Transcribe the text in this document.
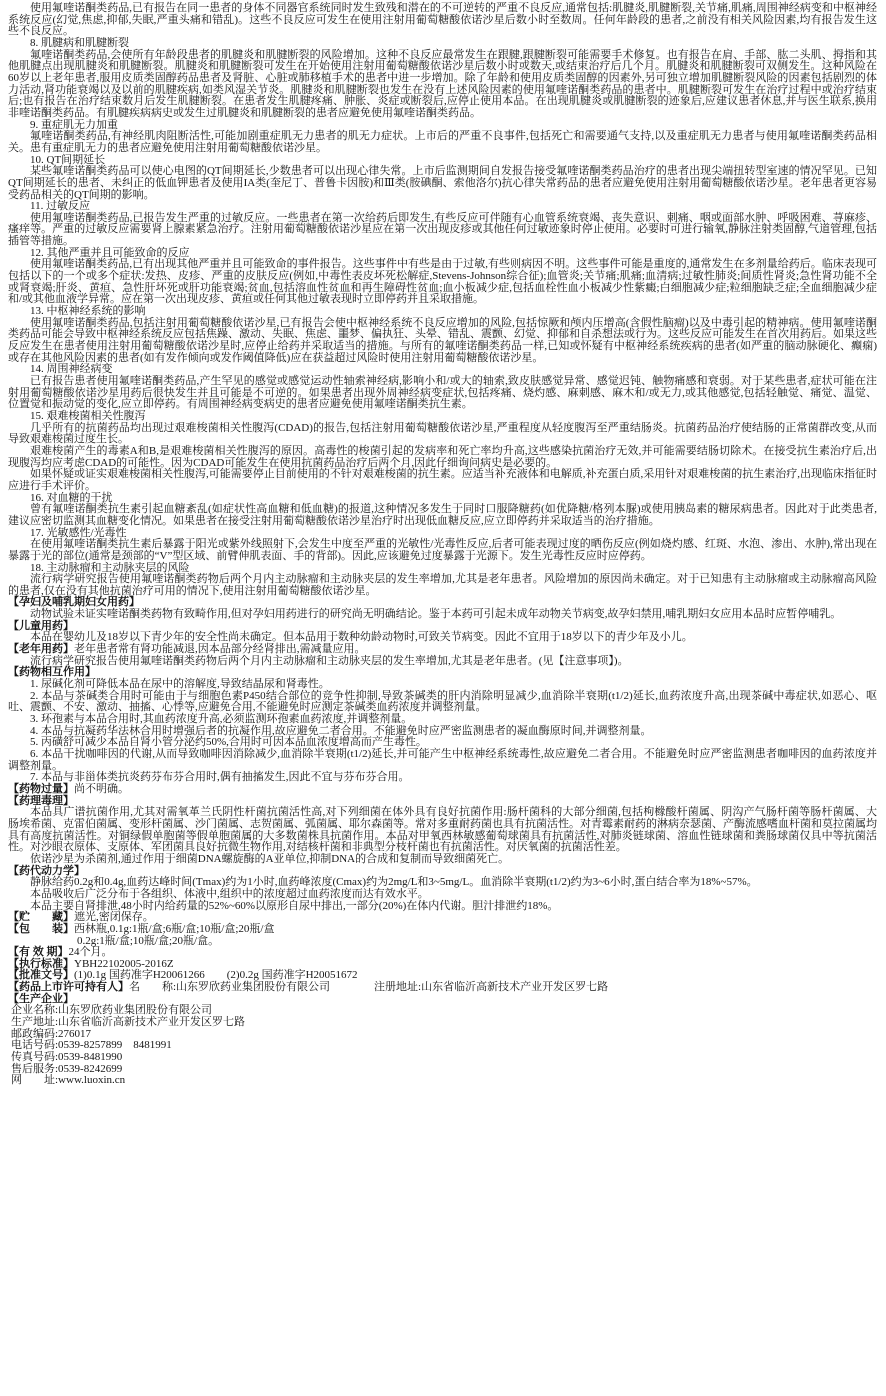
使用氟喹诺酮类药品,已有报告在同一患者的身体不同器官系统同时发生致残和潜在的不可逆转的严重不良反应,通常包括:肌腱炎,肌腱断裂,关节痛,肌痛,周围神经病变和中枢神经系统反应(幻觉,焦虑,抑郁,失眠,严重头痛和错乱)。这些不良反应可发生在使用注射用葡萄糖酸依诺沙星后数小时至数周。任何年龄段的患者,之前没有相关风险因素,均有报告发生这些不良反应。
8. 肌腱病和肌腱断裂
氟喹诺酮类药品,会使所有年龄段患者的肌腱炎和肌腱断裂的风险增加。这种不良反应最常发生在跟腱,跟腱断裂可能需要手术修复。也有报告在肩、手部、肱二头肌、拇指和其他肌腱点出现肌腱炎和肌腱断裂。肌腱炎和肌腱断裂可发生在开始使用注射用葡萄糖酸依诺沙星后数小时或数天,或结束治疗后几个月。肌腱炎和肌腱断裂可双侧发生。这种风险在60岁以上老年患者,服用皮质类固醇药品患者及肾脏、心脏或肺移植手术的患者中进一步增加。除了年龄和使用皮质类固醇的因素外,另可独立增加肌腱断裂风险的因素包括剧烈的体力活动,肾功能衰竭以及以前的肌腱疾病,如类风湿关节炎。肌腱炎和肌腱断裂也发生在没有上述风险因素的使用氟喹诺酮类药品的患者中。肌腱断裂可发生在治疗过程中或治疗结束后;也有报告在治疗结束数月后发生肌腱断裂。在患者发生肌腱疼痛、肿胀、炎症或断裂后,应停止使用本品。在出现肌腱炎或肌腱断裂的迹象后,应建议患者休息,并与医生联系,换用非喹诺酮类药品。有肌腱疾病病史或发生过肌腱炎和肌腱断裂的患者应避免使用氟喹诺酮类药品。
9. 重症肌无力加重
氟喹诺酮类药品,有神经肌肉阻断活性,可能加剧重症肌无力患者的肌无力症状。上市后的严重不良事件,包括死亡和需要通气支持,以及重症肌无力患者与使用氟喹诺酮类药品相关。患有重症肌无力的患者应避免使用注射用葡萄糖酸依诺沙星。
10. QT间期延长
某些氟喹诺酮类药品可以使心电图的QT间期延长,少数患者可以出现心律失常。上市后监测期间自发报告接受氟喹诺酮类药品治疗的患者出现尖端扭转型室速的情况罕见。已知QT间期延长的患者、未纠正的低血钾患者及使用IA类(奎尼丁、普鲁卡因胺)和Ⅲ类(胺碘酮、索他洛尔)抗心律失常药品的患者应避免使用注射用葡萄糖酸依诺沙星。老年患者更容易受药品相关的QT间期的影响。
11. 过敏反应
使用氟喹诺酮类药品,已报告发生严重的过敏反应。一些患者在第一次给药后即发生,有些反应可伴随有心血管系统衰竭、丧失意识、刺痛、咽或面部水肿、呼吸困难、荨麻疹、瘙痒等。严重的过敏反应需要肾上腺素紧急治疗。注射用葡萄糖酸依诺沙星应在第一次出现皮疹或其他任何过敏迹象时停止使用。必要时可进行输氧,静脉注射类固醇,气道管理,包括插管等措施。
12. 其他严重并且可能致命的反应
使用氟喹诺酮类药品,已有出现其他严重并且可能致命的事件报告。这些事件中有些是由于过敏,有些则病因不明。这些事件可能是重度的,通常发生在多剂量给药后。临床表现可包括以下的一个或多个症状:发热、皮疹、严重的皮肤反应(例如,中毒性表皮坏死松解症,Stevens-Johnson综合征);血管炎;关节痛;肌痛;血清病;过敏性肺炎;间质性肾炎;急性肾功能不全或肾衰竭;肝炎、黄疸、急性肝坏死或肝功能衰竭;贫血,包括溶血性贫血和再生障碍性贫血;血小板减少症,包括血栓性血小板减少性紫癜;白细胞减少症;粒细胞缺乏症;全血细胞减少症和/或其他血液学异常。应在第一次出现皮疹、黄疸或任何其他过敏表现时立即停药并且采取措施。
13. 中枢神经系统的影响
使用氟喹诺酮类药品,包括注射用葡萄糖酸依诺沙星,已有报告会使中枢神经系统不良反应增加的风险,包括惊厥和颅内压增高(含假性脑瘤)以及中毒引起的精神病。使用氟喹诺酮类药品可能会导致中枢神经系统反应包括焦躁、激动、失眠、焦虑、噩梦、偏执狂、头晕、错乱、震颤、幻觉、抑郁和自杀想法或行为。这些反应可能发生在首次用药后。如果这些反应发生在患者使用注射用葡萄糖酸依诺沙星时,应停止给药并采取适当的措施。与所有的氟喹诺酮类药品一样,已知或怀疑有中枢神经系统疾病的患者(如严重的脑动脉硬化、癫痫)或存在其他风险因素的患者(如有发作倾向或发作阈值降低)应在获益超过风险时使用注射用葡萄糖酸依诺沙星。
14. 周围神经病变
已有报告患者使用氟喹诺酮类药品,产生罕见的感觉或感觉运动性轴索神经病,影响小和/或大的轴索,致皮肤感觉异常、感觉迟钝、触物痛感和衰弱。对于某些患者,症状可能在注射用葡萄糖酸依诺沙星用药后很快发生并且可能是不可逆的。如果患者出现外周神经病变症状,包括疼痛、烧灼感、麻刺感、麻木和/或无力,或其他感觉,包括轻触觉、痛觉、温觉、位置觉和振动觉的变化,应立即停药。有周围神经病变病史的患者应避免使用氟喹诺酮类抗生素。
15. 艰难梭菌相关性腹泻
几乎所有的抗菌药品均出现过艰难梭菌相关性腹泻(CDAD)的报告,包括注射用葡萄糖酸依诺沙星,严重程度从轻度腹泻至严重结肠炎。抗菌药品治疗使结肠的正常菌群改变,从而导致艰难梭菌过度生长。
艰难梭菌产生的毒素A和B,是艰难梭菌相关性腹泻的原因。高毒性的梭菌引起的发病率和死亡率均升高,这些感染抗菌治疗无效,并可能需要结肠切除术。在接受抗生素治疗后,出现腹泻均应考虑CDAD的可能性。因为CDAD可能发生在使用抗菌药品治疗后两个月,因此仔细询问病史是必要的。
如果怀疑或证实艰难梭菌相关性腹泻,可能需要停止目前使用的不针对艰难梭菌的抗生素。应适当补充液体和电解质,补充蛋白质,采用针对艰难梭菌的抗生素治疗,出现临床指征时应进行手术评价。
16. 对血糖的干扰
曾有氟喹诺酮类抗生素引起血糖紊乱(如症状性高血糖和低血糖)的报道,这种情况多发生于同时口服降糖药(如优降糖/格列本脲)或使用胰岛素的糖尿病患者。因此对于此类患者,建议应密切监测其血糖变化情况。如果患者在接受注射用葡萄糖酸依诺沙星治疗时出现低血糖反应,应立即停药并采取适当的治疗措施。
17. 光敏感性/光毒性
在使用氟喹诺酮类抗生素后暴露于阳光或紫外线照射下,会发生中度至严重的光敏性/光毒性反应,后者可能表现过度的晒伤反应(例如烧灼感、红斑、水泡、渗出、水肿),常出现在暴露于光的部位(通常是颈部的“V”型区域、前臂伸肌表面、手的背部)。因此,应该避免过度暴露于光源下。发生光毒性反应时应停药。
18. 主动脉瘤和主动脉夹层的风险
流行病学研究报告使用氟喹诺酮类药物后两个月内主动脉瘤和主动脉夹层的发生率增加,尤其是老年患者。风险增加的原因尚未确定。对于已知患有主动脉瘤或主动脉瘤高风险的患者,仅在没有其他抗菌治疗可用的情况下,使用注射用葡萄糖酸依诺沙星。
【孕妇及哺乳期妇女用药】
动物试验未证实喹诺酮类药物有致畸作用,但对孕妇用药进行的研究尚无明确结论。鉴于本药可引起未成年动物关节病变,故孕妇禁用,哺乳期妇女应用本品时应暂停哺乳。
【儿童用药】
本品在婴幼儿及18岁以下青少年的安全性尚未确定。但本品用于数种幼龄动物时,可致关节病变。因此不宜用于18岁以下的青少年及小儿。
【老年用药】老年患者常有肾功能减退,因本品部分经肾排出,需减量应用。
流行病学研究报告使用氟喹诺酮类药物后两个月内主动脉瘤和主动脉夹层的发生率增加,尤其是老年患者。(见【注意事项】)。
【药物相互作用】
1. 尿碱化剂可降低本品在尿中的溶解度,导致结晶尿和肾毒性。
2. 本品与茶碱类合用时可能由于与细胞色素P450结合部位的竞争性抑制,导致茶碱类的肝内消除明显减少,血消除半衰期(t1/2)延长,血药浓度升高,出现茶碱中毒症状,如恶心、呕吐、震颤、不安、激动、抽搐、心悸等,应避免合用,不能避免时应测定茶碱类血药浓度并调整剂量。
3. 环孢素与本品合用时,其血药浓度升高,必须监测环孢素血药浓度,并调整剂量。
4. 本品与抗凝药华法林合用时增强后者的抗凝作用,故应避免二者合用。不能避免时应严密监测患者的凝血酶原时间,并调整剂量。
5. 丙磺舒可减少本品自肾小管分泌约50%,合用时可因本品血浓度增高而产生毒性。
6. 本品干扰咖啡因的代谢,从而导致咖啡因消除减少,血消除半衰期(t1/2)延长,并可能产生中枢神经系统毒性,故应避免二者合用。不能避免时应严密监测患者咖啡因的血药浓度并调整剂量。
7. 本品与非甾体类抗炎药芬布芬合用时,偶有抽搐发生,因此不宜与芬布芬合用。
【药物过量】尚不明确。
【药理毒理】
本品具广谱抗菌作用,尤其对需氧革兰氏阴性杆菌抗菌活性高,对下列细菌在体外具有良好抗菌作用:肠杆菌科的大部分细菌,包括枸橼酸杆菌属、阴沟产气肠杆菌等肠杆菌属、大肠埃希菌、克雷伯菌属、变形杆菌属、沙门菌属、志贺菌属、弧菌属、耶尔森菌等。常对多重耐药菌也具有抗菌活性。对青霉素耐药的淋病奈瑟菌、产酶流感嗜血杆菌和莫拉菌属均具有高度抗菌活性。对铜绿假单胞菌等假单胞菌属的大多数菌株具抗菌作用。本品对甲氧西林敏感葡萄球菌具有抗菌活性,对肺炎链球菌、溶血性链球菌和粪肠球菌仅具中等抗菌活性。对沙眼衣原体、支原体、军团菌具良好抗微生物作用,对结核杆菌和非典型分枝杆菌也有抗菌活性。对厌氧菌的抗菌活性差。
依诺沙星为杀菌剂,通过作用于细菌DNA螺旋酶的A亚单位,抑制DNA的合成和复制而导致细菌死亡。
【药代动力学】
静脉给药0.2g和0.4g,血药达峰时间(Tmax)约为1小时,血药峰浓度(Cmax)约为2mg/L和3~5mg/L。血消除半衰期(t1/2)约为3~6小时,蛋白结合率为18%~57%。
本品吸收后广泛分布于各组织、体液中,组织中的浓度超过血药浓度而达有效水平。
本品主要自肾排泄,48小时内给药量的52%~60%以原形自尿中排出,一部分(20%)在体内代谢。胆汁排泄约18%。
【贮　　藏】遮光,密闭保存。
【包　　装】西林瓶,0.1g:1瓶/盒;6瓶/盒;10瓶/盒;20瓶/盒
0.2g:1瓶/盒;10瓶/盒;20瓶/盒。
【有 效 期】24个月。
【执行标准】YBH22102005-2016Z
【批准文号】(1)0.1g 国药准字H20061266　　(2)0.2g 国药准字H20051672
【药品上市许可持有人】名　　称:山东罗欣药业集团股份有限公司　　　　注册地址:山东省临沂高新技术产业开发区罗七路
【生产企业】
企业名称:山东罗欣药业集团股份有限公司
生产地址:山东省临沂高新技术产业开发区罗七路
邮政编码:276017
电话号码:0539-8257899　8481991
传真号码:0539-8481990
售后服务:0539-8242699
网　　址:www.luoxin.cn
